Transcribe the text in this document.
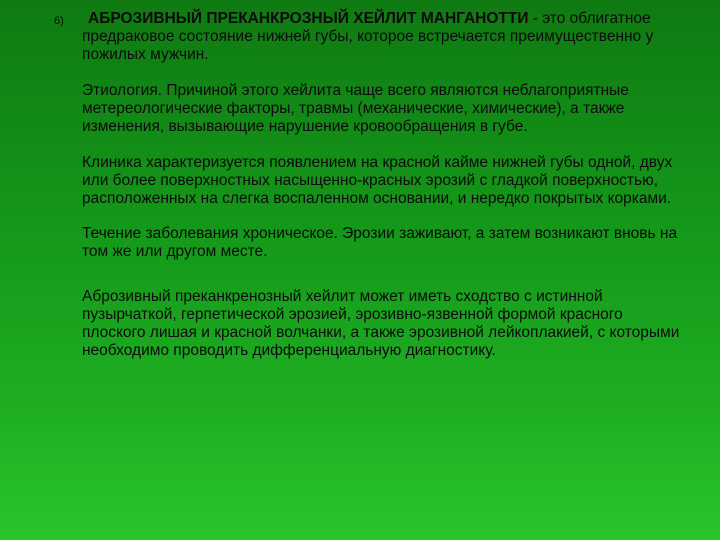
6)	АБРОЗИВНЫЙ ПРЕКАНКРОЗНЫЙ ХЕЙЛИТ МАНГАНОТТИ - это облигатное предраковое состояние нижней губы, которое встречается преимущественно у пожилых мужчин.

Этиология. Причиной этого хейлита чаще всего являются неблагоприятные метереологические факторы, травмы (механические, химические), а также изменения, вызывающие нарушение кровообращения в губе.

Клиника характеризуется появлением на красной кайме нижней губы одной, двух или более поверхностных насыщенно-красных эрозий с гладкой поверхностью, расположенных на слегка воспаленном основании, и нередко покрытых корками.

Течение заболевания хроническое. Эрозии заживают, а затем возникают вновь на том же или другом месте.

Аброзивный преканкренозный хейлит может иметь сходство с истинной пузырчаткой, герпетической эрозией, эрозивно-язвенной формой красного плоского лишая и красной волчанки, а также эрозивной лейкоплакией, с которыми необходимо проводить дифференциальную диагностику.
